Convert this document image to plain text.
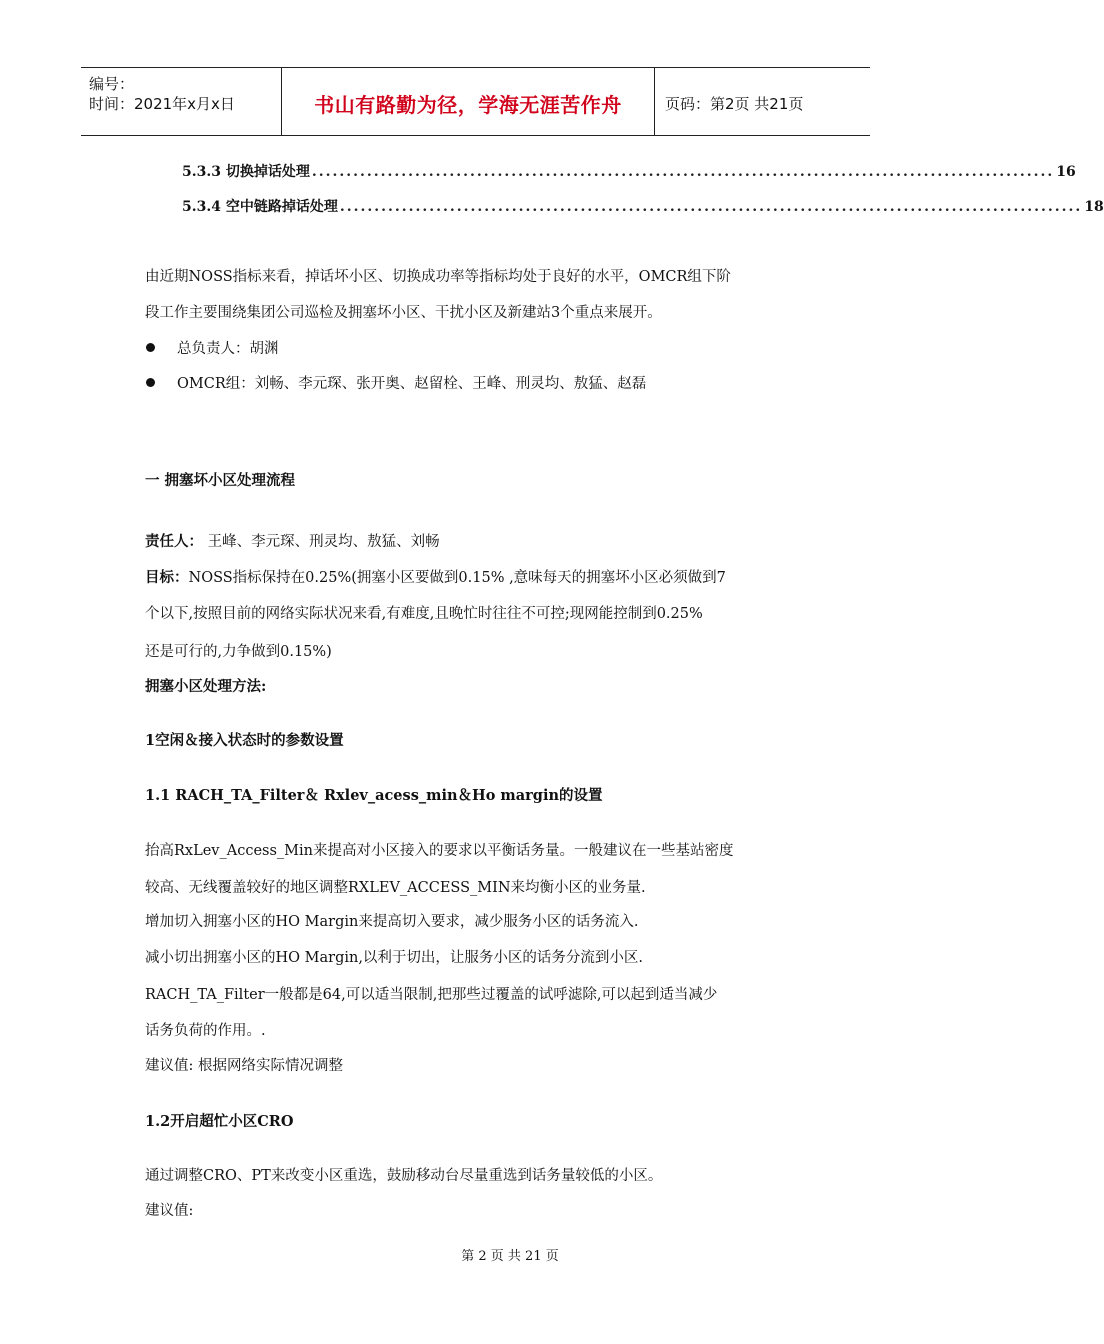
编号：
时间：2021年x月x日	书山有路勤为径，学海无涯苦作舟	页码：第2页 共21页
5.3.3 切换掉话处理 ............................................................................................................ 16
5.3.4 空中链路掉话处理 ............................................................................................................ 18
由近期NOSS指标来看，掉话坏小区、切换成功率等指标均处于良好的水平，OMCR组下阶
段工作主要围绕集团公司巡检及拥塞坏小区、干扰小区及新建站3个重点来展开。
总负责人：胡渊
OMCR组：刘畅、李元琛、张开奥、赵留栓、王峰、刑灵均、敖猛、赵磊
一 拥塞坏小区处理流程
责任人： 王峰、李元琛、刑灵均、敖猛、刘畅
目标：NOSS指标保持在0.25%(拥塞小区要做到0.15% ,意味每天的拥塞坏小区必须做到7
个以下,按照目前的网络实际状况来看,有难度,且晚忙时往往不可控;现网能控制到0.25%
还是可行的,力争做到0.15%)
拥塞小区处理方法:
1空闲＆接入状态时的参数设置
1.1 RACH_TA_Filter＆ Rxlev_acess_min＆Ho margin的设置
抬高RxLev_Access_Min来提高对小区接入的要求以平衡话务量。一般建议在一些基站密度
较高、无线覆盖较好的地区调整RXLEV_ACCESS_MIN来均衡小区的业务量.
增加切入拥塞小区的HO Margin来提高切入要求，减少服务小区的话务流入.
减小切出拥塞小区的HO Margin,以利于切出，让服务小区的话务分流到小区.
RACH_TA_Filter一般都是64,可以适当限制,把那些过覆盖的试呼滤除,可以起到适当减少
话务负荷的作用。.
建议值: 根据网络实际情况调整
1.2开启超忙小区CRO
通过调整CRO、PT来改变小区重选，鼓励移动台尽量重选到话务量较低的小区。
建议值:
第 2 页 共 21 页
